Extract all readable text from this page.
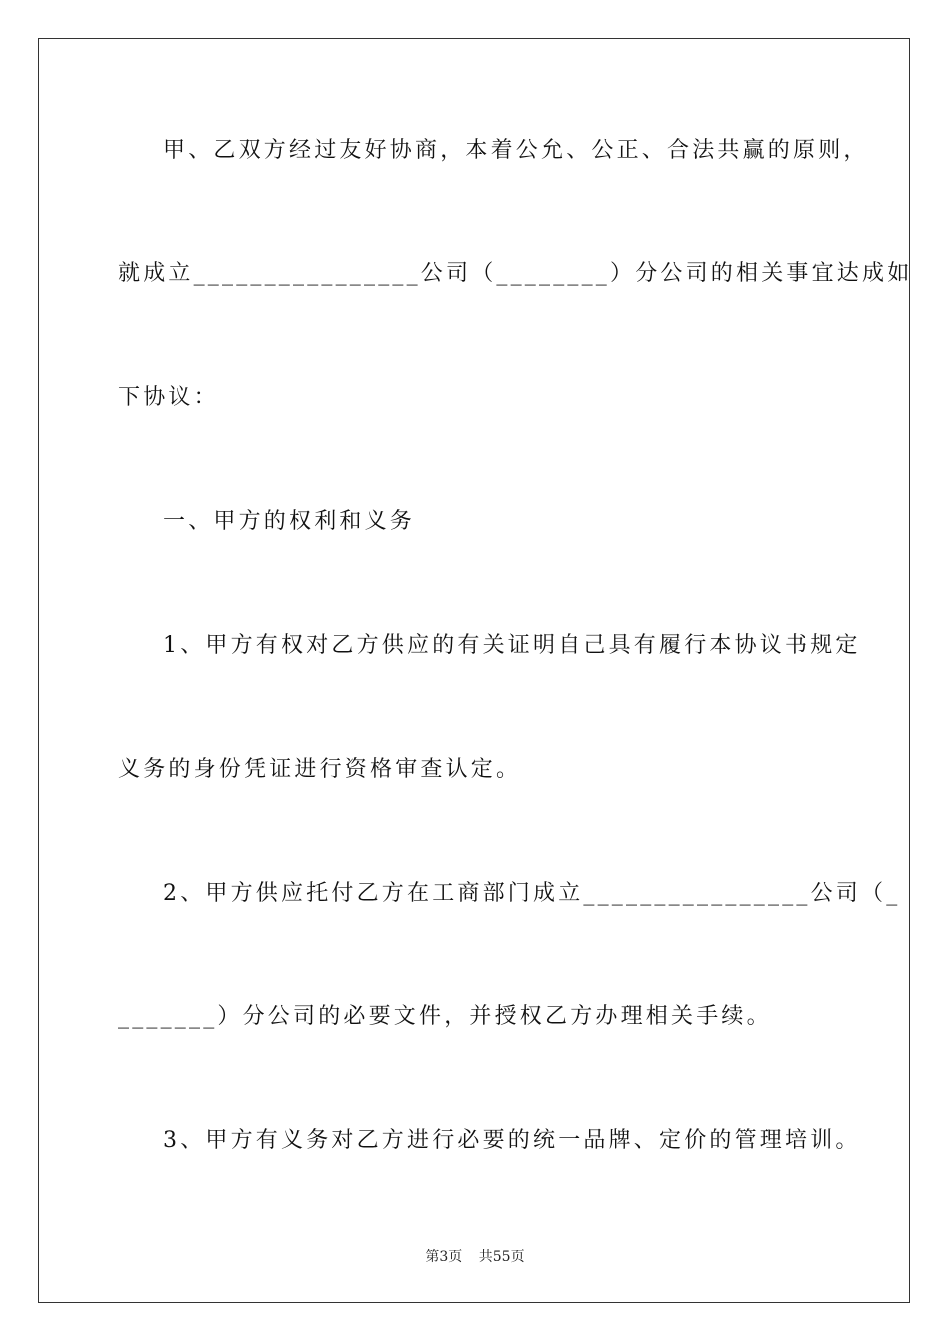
甲、乙双方经过友好协商，本着公允、公正、合法共赢的原则，
就成立________________公司（________）分公司的相关事宜达成如
下协议：
一、甲方的权利和义务
1、甲方有权对乙方供应的有关证明自己具有履行本协议书规定
义务的身份凭证进行资格审查认定。
2、甲方供应托付乙方在工商部门成立________________公司（_
_______）分公司的必要文件，并授权乙方办理相关手续。
3、甲方有义务对乙方进行必要的统一品牌、定价的管理培训。
第3页 共55页
